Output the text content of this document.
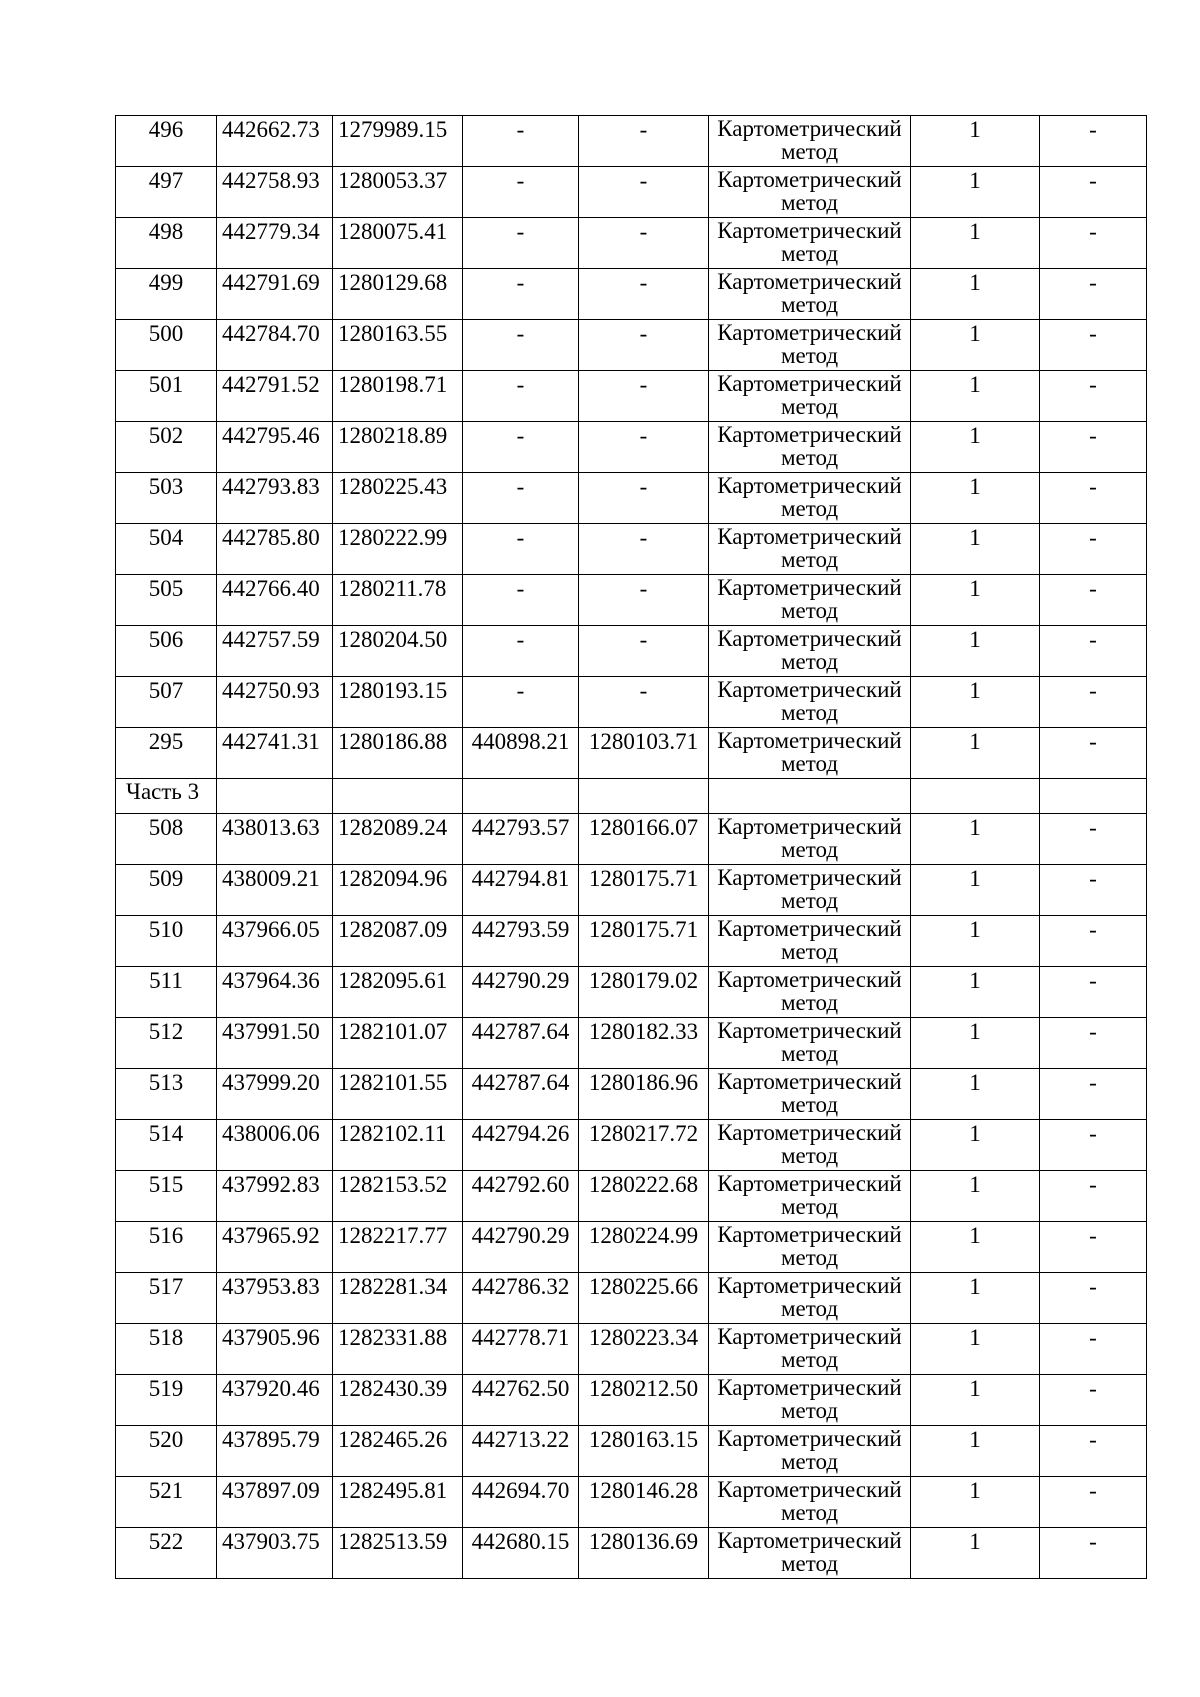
496	442662.73	1279989.15	-	-	Картометрический метод	1	-

497	442758.93	1280053.37	-	-	Картометрический метод	1	-

498	442779.34	1280075.41	-	-	Картометрический метод	1	-

499	442791.69	1280129.68	-	-	Картометрический метод	1	-

500	442784.70	1280163.55	-	-	Картометрический метод	1	-

501	442791.52	1280198.71	-	-	Картометрический метод	1	-

502	442795.46	1280218.89	-	-	Картометрический метод	1	-

503	442793.83	1280225.43	-	-	Картометрический метод	1	-

504	442785.80	1280222.99	-	-	Картометрический метод	1	-

505	442766.40	1280211.78	-	-	Картометрический метод	1	-

506	442757.59	1280204.50	-	-	Картометрический метод	1	-

507	442750.93	1280193.15	-	-	Картометрический метод	1	-

295	442741.31	1280186.88	440898.21	1280103.71	Картометрический метод	1	-

Часть 3							

508	438013.63	1282089.24	442793.57	1280166.07	Картометрический метод	1	-

509	438009.21	1282094.96	442794.81	1280175.71	Картометрический метод	1	-

510	437966.05	1282087.09	442793.59	1280175.71	Картометрический метод	1	-

511	437964.36	1282095.61	442790.29	1280179.02	Картометрический метод	1	-

512	437991.50	1282101.07	442787.64	1280182.33	Картометрический метод	1	-

513	437999.20	1282101.55	442787.64	1280186.96	Картометрический метод	1	-

514	438006.06	1282102.11	442794.26	1280217.72	Картометрический метод	1	-

515	437992.83	1282153.52	442792.60	1280222.68	Картометрический метод	1	-

516	437965.92	1282217.77	442790.29	1280224.99	Картометрический метод	1	-

517	437953.83	1282281.34	442786.32	1280225.66	Картометрический метод	1	-

518	437905.96	1282331.88	442778.71	1280223.34	Картометрический метод	1	-

519	437920.46	1282430.39	442762.50	1280212.50	Картометрический метод	1	-

520	437895.79	1282465.26	442713.22	1280163.15	Картометрический метод	1	-

521	437897.09	1282495.81	442694.70	1280146.28	Картометрический метод	1	-

522	437903.75	1282513.59	442680.15	1280136.69	Картометрический метод	1	-
